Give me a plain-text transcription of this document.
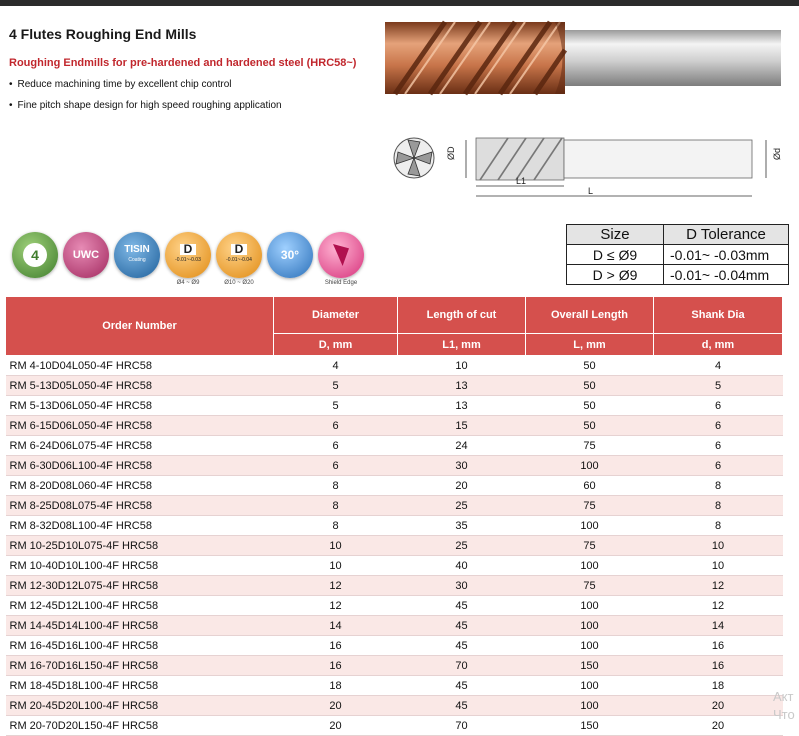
4 Flutes Roughing End Mills
Roughing Endmills for pre-hardened and hardened steel (HRC58~)
• Reduce machining time by excellent chip control
• Fine pitch shape design for high speed roughing application
ØD	Ød
L1
L
4	UWC	TISIN
Coating
D
-0.01~-0.03
Ø4 ~ Ø9
D
-0.01~-0.04
Ø10 ~ Ø20
30°
Shield Edge
Size	D Tolerance
D ≤ Ø9	-0.01~ -0.03mm
D > Ø9	-0.01~ -0.04mm
Order Number	Diameter	Length of cut	Overall Length	Shank Dia
	D, mm	L1, mm	L, mm	d, mm
RM 4-10D04L050-4F HRC58	4	10	50	4
RM 5-13D05L050-4F HRC58	5	13	50	5
RM 5-13D06L050-4F HRC58	5	13	50	6
RM 6-15D06L050-4F HRC58	6	15	50	6
RM 6-24D06L075-4F HRC58	6	24	75	6
RM 6-30D06L100-4F HRC58	6	30	100	6
RM 8-20D08L060-4F HRC58	8	20	60	8
RM 8-25D08L075-4F HRC58	8	25	75	8
RM 8-32D08L100-4F HRC58	8	35	100	8
RM 10-25D10L075-4F HRC58	10	25	75	10
RM 10-40D10L100-4F HRC58	10	40	100	10
RM 12-30D12L075-4F HRC58	12	30	75	12
RM 12-45D12L100-4F HRC58	12	45	100	12
RM 14-45D14L100-4F HRC58	14	45	100	14
RM 16-45D16L100-4F HRC58	16	45	100	16
RM 16-70D16L150-4F HRC58	16	70	150	16
RM 18-45D18L100-4F HRC58	18	45	100	18
RM 20-45D20L100-4F HRC58	20	45	100	20
RM 20-70D20L150-4F HRC58	20	70	150	20
Акт
Что
